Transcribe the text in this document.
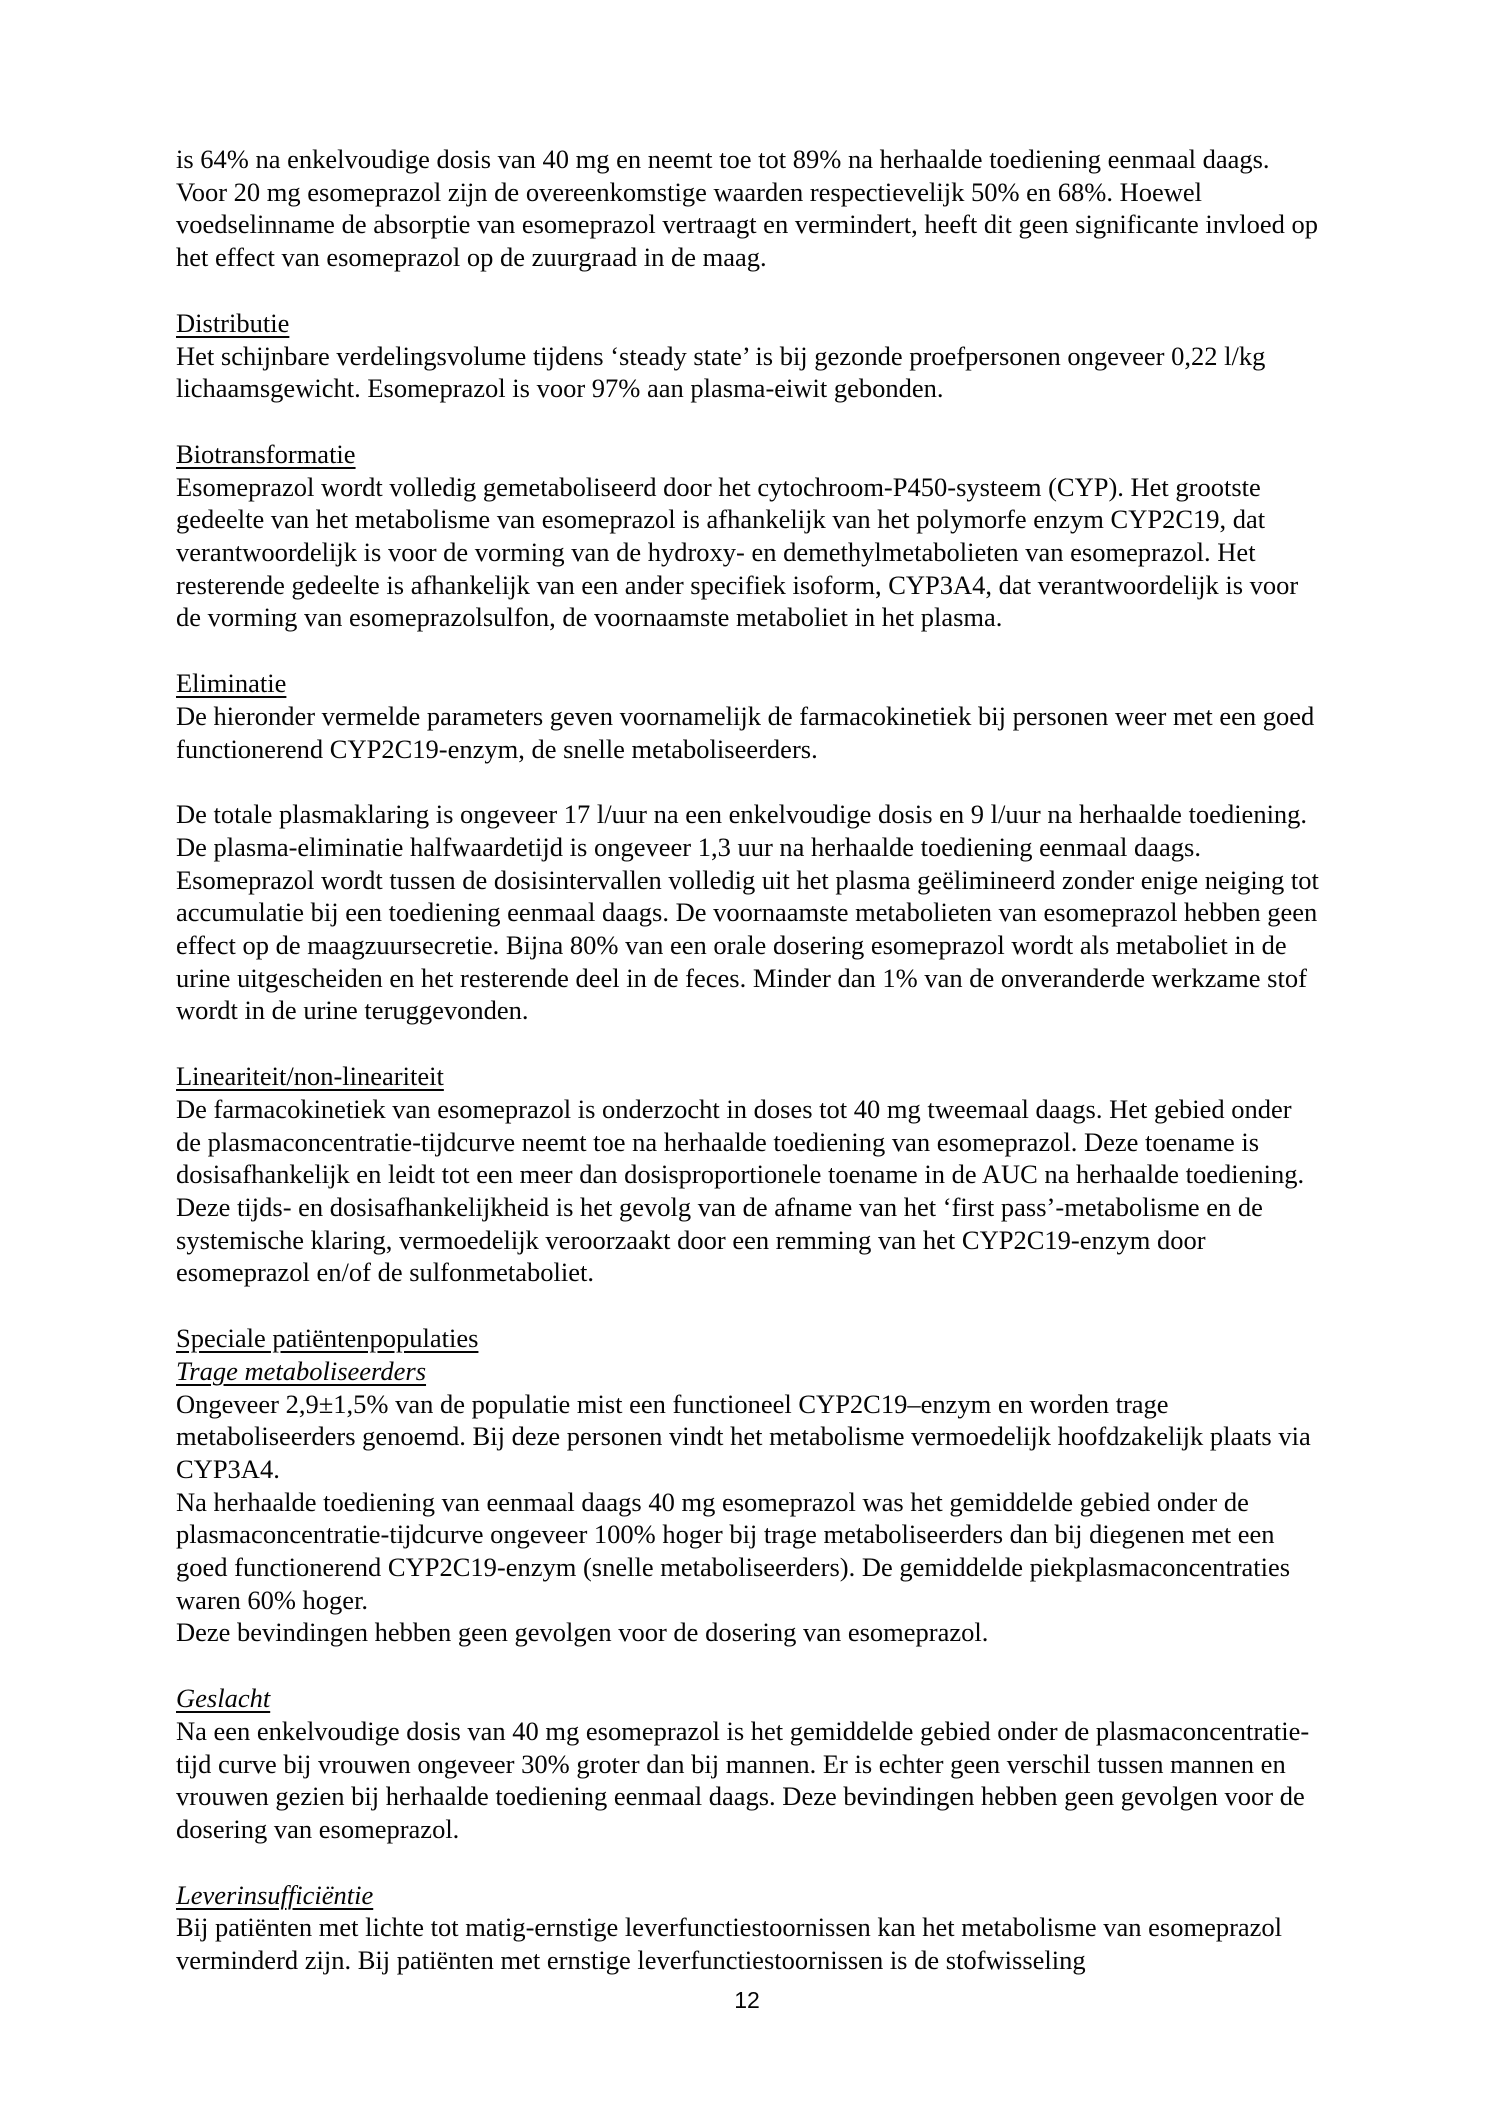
is 64% na enkelvoudige dosis van 40 mg en neemt toe tot 89% na herhaalde toediening eenmaal daags. Voor 20 mg esomeprazol zijn de overeenkomstige waarden respectievelijk 50% en 68%. Hoewel voedselinname de absorptie van esomeprazol vertraagt en vermindert, heeft dit geen significante invloed op het effect van esomeprazol op de zuurgraad in de maag.

Distributie

Het schijnbare verdelingsvolume tijdens ‘steady state’ is bij gezonde proefpersonen ongeveer 0,22 l/kg lichaamsgewicht. Esomeprazol is voor 97% aan plasma-eiwit gebonden.

Biotransformatie

Esomeprazol wordt volledig gemetaboliseerd door het cytochroom-P450-systeem (CYP). Het grootste gedeelte van het metabolisme van esomeprazol is afhankelijk van het polymorfe enzym CYP2C19, dat verantwoordelijk is voor de vorming van de hydroxy- en demethylmetabolieten van esomeprazol. Het resterende gedeelte is afhankelijk van een ander specifiek isoform, CYP3A4, dat verantwoordelijk is voor de vorming van esomeprazolsulfon, de voornaamste metaboliet in het plasma.

Eliminatie

De hieronder vermelde parameters geven voornamelijk de farmacokinetiek bij personen weer met een goed functionerend CYP2C19-enzym, de snelle metaboliseerders.

De totale plasmaklaring is ongeveer 17 l/uur na een enkelvoudige dosis en 9 l/uur na herhaalde toediening. De plasma-eliminatie halfwaardetijd is ongeveer 1,3 uur na herhaalde toediening eenmaal daags. Esomeprazol wordt tussen de dosisintervallen volledig uit het plasma geëlimineerd zonder enige neiging tot accumulatie bij een toediening eenmaal daags. De voornaamste metabolieten van esomeprazol hebben geen effect op de maagzuursecretie. Bijna 80% van een orale dosering esomeprazol wordt als metaboliet in de urine uitgescheiden en het resterende deel in de feces. Minder dan 1% van de onveranderde werkzame stof wordt in de urine teruggevonden.

Lineariteit/non-lineariteit

De farmacokinetiek van esomeprazol is onderzocht in doses tot 40 mg tweemaal daags. Het gebied onder de plasmaconcentratie-tijdcurve neemt toe na herhaalde toediening van esomeprazol. Deze toename is dosisafhankelijk en leidt tot een meer dan dosisproportionele toename in de AUC na herhaalde toediening. Deze tijds- en dosisafhankelijkheid is het gevolg van de afname van het ‘first pass’-metabolisme en de systemische klaring, vermoedelijk veroorzaakt door een remming van het CYP2C19-enzym door esomeprazol en/of de sulfonmetaboliet.

Speciale patiëntenpopulaties
Trage metaboliseerders

Ongeveer 2,9±1,5% van de populatie mist een functioneel CYP2C19–enzym en worden trage metaboliseerders genoemd. Bij deze personen vindt het metabolisme vermoedelijk hoofdzakelijk plaats via CYP3A4.

Na herhaalde toediening van eenmaal daags 40 mg esomeprazol was het gemiddelde gebied onder de plasmaconcentratie-tijdcurve ongeveer 100% hoger bij trage metaboliseerders dan bij diegenen met een goed functionerend CYP2C19-enzym (snelle metaboliseerders). De gemiddelde piekplasmaconcentraties waren 60% hoger.

Deze bevindingen hebben geen gevolgen voor de dosering van esomeprazol.

Geslacht

Na een enkelvoudige dosis van 40 mg esomeprazol is het gemiddelde gebied onder de plasmaconcentratie-tijd curve bij vrouwen ongeveer 30% groter dan bij mannen. Er is echter geen verschil tussen mannen en vrouwen gezien bij herhaalde toediening eenmaal daags. Deze bevindingen hebben geen gevolgen voor de dosering van esomeprazol.

Leverinsufficiëntie

Bij patiënten met lichte tot matig-ernstige leverfunctiestoornissen kan het metabolisme van esomeprazol verminderd zijn. Bij patiënten met ernstige leverfunctiestoornissen is de stofwisseling

12
